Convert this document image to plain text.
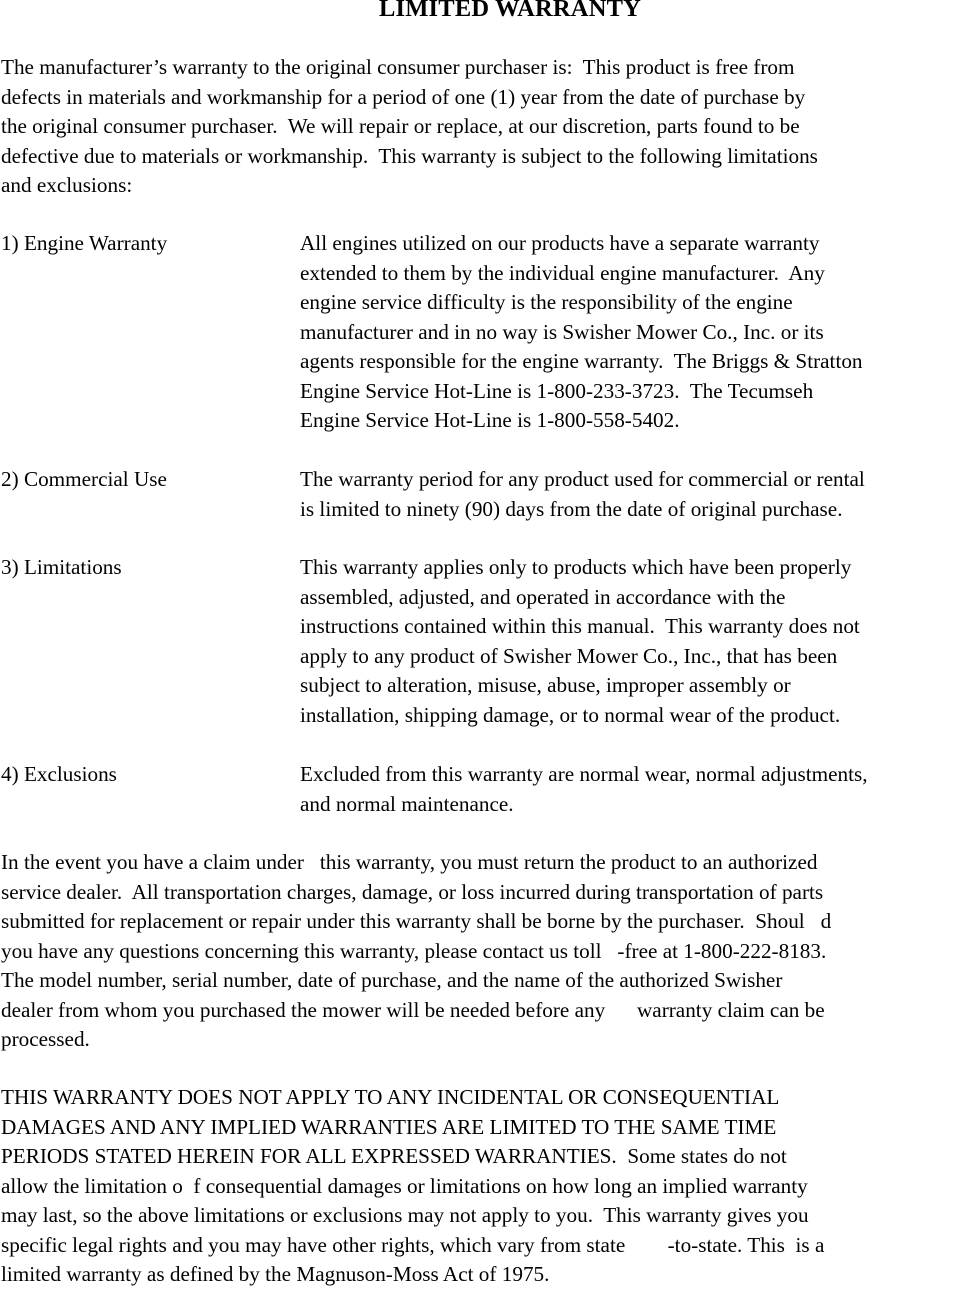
LIMITED WARRANTY
The manufacturer’s warranty to the original consumer purchaser is:  This product is free from
defects in materials and workmanship for a period of one (1) year from the date of purchase by
the original consumer purchaser.  We will repair or replace, at our discretion, parts found to be
defective due to materials or workmanship.  This warranty is subject to the following limitations
and exclusions:
1) Engine Warranty	All engines utilized on our products have a separate warranty
extended to them by the individual engine manufacturer.  Any
engine service difficulty is the responsibility of the engine
manufacturer and in no way is Swisher Mower Co., Inc. or its
agents responsible for the engine warranty.  The Briggs & Stratton
Engine Service Hot-Line is 1-800-233-3723.  The Tecumseh
Engine Service Hot-Line is 1-800-558-5402.
2) Commercial Use	The warranty period for any product used for commercial or rental
is limited to ninety (90) days from the date of original purchase.
3) Limitations	This warranty applies only to products which have been properly
assembled, adjusted, and operated in accordance with the
instructions contained within this manual.  This warranty does not
apply to any product of Swisher Mower Co., Inc., that has been
subject to alteration, misuse, abuse, improper assembly or
installation, shipping damage, or to normal wear of the product.
4) Exclusions	Excluded from this warranty are normal wear, normal adjustments,
and normal maintenance.
In the event you have a claim under   this warranty, you must return the product to an authorized
service dealer.  All transportation charges, damage, or loss incurred during transportation of parts
submitted for replacement or repair under this warranty shall be borne by the purchaser.  Shoul   d
you have any questions concerning this warranty, please contact us toll   -free at 1-800-222-8183.
The model number, serial number, date of purchase, and the name of the authorized Swisher
dealer from whom you purchased the mower will be needed before any      warranty claim can be
processed.
THIS WARRANTY DOES NOT APPLY TO ANY INCIDENTAL OR CONSEQUENTIAL
DAMAGES AND ANY IMPLIED WARRANTIES ARE LIMITED TO THE SAME TIME
PERIODS STATED HEREIN FOR ALL EXPRESSED WARRANTIES.  Some states do not
allow the limitation o  f consequential damages or limitations on how long an implied warranty
may last, so the above limitations or exclusions may not apply to you.  This warranty gives you
specific legal rights and you may have other rights, which vary from state        -to-state. This  is a
limited warranty as defined by the Magnuson-Moss Act of 1975.
